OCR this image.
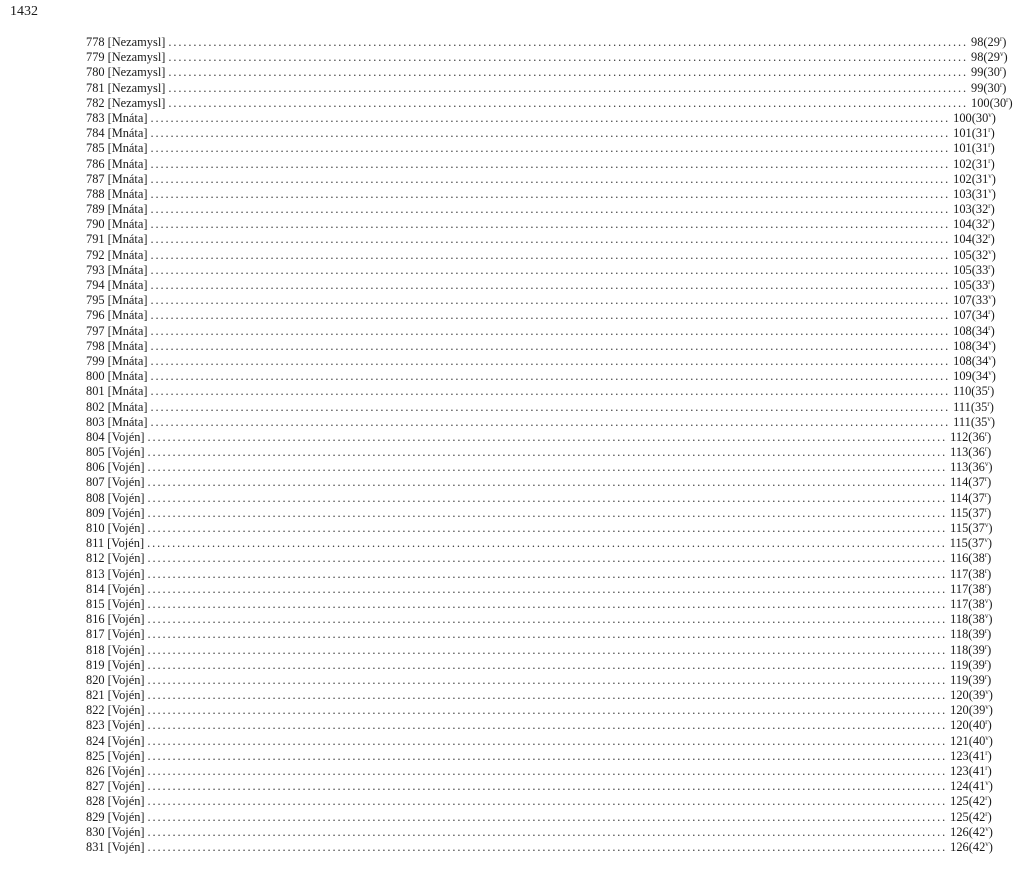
1432
778 [Nezamysl] ................................................................................................................................................................ 98 (29$^r$)
779 [Nezamysl] ................................................................................................................................................................ 98 (29$^v$)
780 [Nezamysl] ................................................................................................................................................................ 99 (30$^r$)
781 [Nezamysl] ................................................................................................................................................................ 99 (30$^r$)
782 [Nezamysl] ................................................................................................................................................................ 100 (30$^r$)
783 [Mnáta] ................................................................................................................................................................ 100 (30$^v$)
784 [Mnáta] ................................................................................................................................................................ 101 (31$^r$)
785 [Mnáta] ................................................................................................................................................................ 101 (31$^r$)
786 [Mnáta] ................................................................................................................................................................ 102 (31$^r$)
787 [Mnáta] ................................................................................................................................................................ 102 (31$^v$)
788 [Mnáta] ................................................................................................................................................................ 103 (31$^v$)
789 [Mnáta] ................................................................................................................................................................ 103 (32$^r$)
790 [Mnáta] ................................................................................................................................................................ 104 (32$^r$)
791 [Mnáta] ................................................................................................................................................................ 104 (32$^r$)
792 [Mnáta] ................................................................................................................................................................ 105 (32$^v$)
793 [Mnáta] ................................................................................................................................................................ 105 (33$^r$)
794 [Mnáta] ................................................................................................................................................................ 105 (33$^r$)
795 [Mnáta] ................................................................................................................................................................ 107 (33$^v$)
796 [Mnáta] ................................................................................................................................................................ 107 (34$^r$)
797 [Mnáta] ................................................................................................................................................................ 108 (34$^r$)
798 [Mnáta] ................................................................................................................................................................ 108 (34$^v$)
799 [Mnáta] ................................................................................................................................................................ 108 (34$^v$)
800 [Mnáta] ................................................................................................................................................................ 109 (34$^v$)
801 [Mnáta] ................................................................................................................................................................ 110 (35$^r$)
802 [Mnáta] ................................................................................................................................................................ 111 (35$^r$)
803 [Mnáta] ................................................................................................................................................................ 111 (35$^v$)
804 [Vojén] ................................................................................................................................................................ 112 (36$^r$)
805 [Vojén] ................................................................................................................................................................ 113 (36$^r$)
806 [Vojén] ................................................................................................................................................................ 113 (36$^v$)
807 [Vojén] ................................................................................................................................................................ 114 (37$^r$)
808 [Vojén] ................................................................................................................................................................ 114 (37$^r$)
809 [Vojén] ................................................................................................................................................................ 115 (37$^r$)
810 [Vojén] ................................................................................................................................................................ 115 (37$^v$)
811 [Vojén] ................................................................................................................................................................ 115 (37$^v$)
812 [Vojén] ................................................................................................................................................................ 116 (38$^r$)
813 [Vojén] ................................................................................................................................................................ 117 (38$^r$)
814 [Vojén] ................................................................................................................................................................ 117 (38$^r$)
815 [Vojén] ................................................................................................................................................................ 117 (38$^v$)
816 [Vojén] ................................................................................................................................................................ 118 (38$^v$)
817 [Vojén] ................................................................................................................................................................ 118 (39$^r$)
818 [Vojén] ................................................................................................................................................................ 118 (39$^r$)
819 [Vojén] ................................................................................................................................................................ 119 (39$^r$)
820 [Vojén] ................................................................................................................................................................ 119 (39$^r$)
821 [Vojén] ................................................................................................................................................................ 120 (39$^v$)
822 [Vojén] ................................................................................................................................................................ 120 (39$^v$)
823 [Vojén] ................................................................................................................................................................ 120 (40$^r$)
824 [Vojén] ................................................................................................................................................................ 121 (40$^v$)
825 [Vojén] ................................................................................................................................................................ 123 (41$^r$)
826 [Vojén] ................................................................................................................................................................ 123 (41$^r$)
827 [Vojén] ................................................................................................................................................................ 124 (41$^v$)
828 [Vojén] ................................................................................................................................................................ 125 (42$^r$)
829 [Vojén] ................................................................................................................................................................ 125 (42$^r$)
830 [Vojén] ................................................................................................................................................................ 126 (42$^v$)
831 [Vojén] ................................................................................................................................................................ 126 (42$^v$)
